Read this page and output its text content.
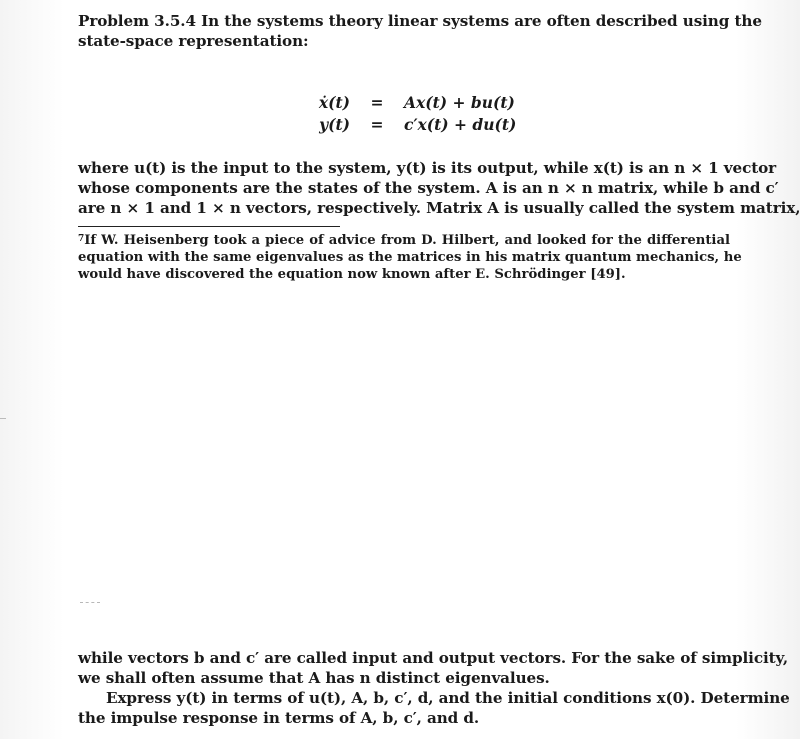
Problem 3.5.4 In the systems theory linear systems are often described using the
state-space representation:
ẋ(t)	=	Ax(t) + bu(t)
y(t)	=	c′x(t) + du(t)
where u(t) is the input to the system, y(t) is its output, while x(t) is an n × 1 vector
whose components are the states of the system. A is an n × n matrix, while b and c′
are n × 1 and 1 × n vectors, respectively. Matrix A is usually called the system matrix,
$^7$If W. Heisenberg took a piece of advice from D. Hilbert, and looked for the differential
equation with the same eigenvalues as the matrices in his matrix quantum mechanics, he
would have discovered the equation now known after E. Schrödinger [49].
while vectors b and c′ are called input and output vectors. For the sake of simplicity,
we shall often assume that A has n distinct eigenvalues.
Express y(t) in terms of u(t), A, b, c′, d, and the initial conditions x(0). Determine
the impulse response in terms of A, b, c′, and d.
